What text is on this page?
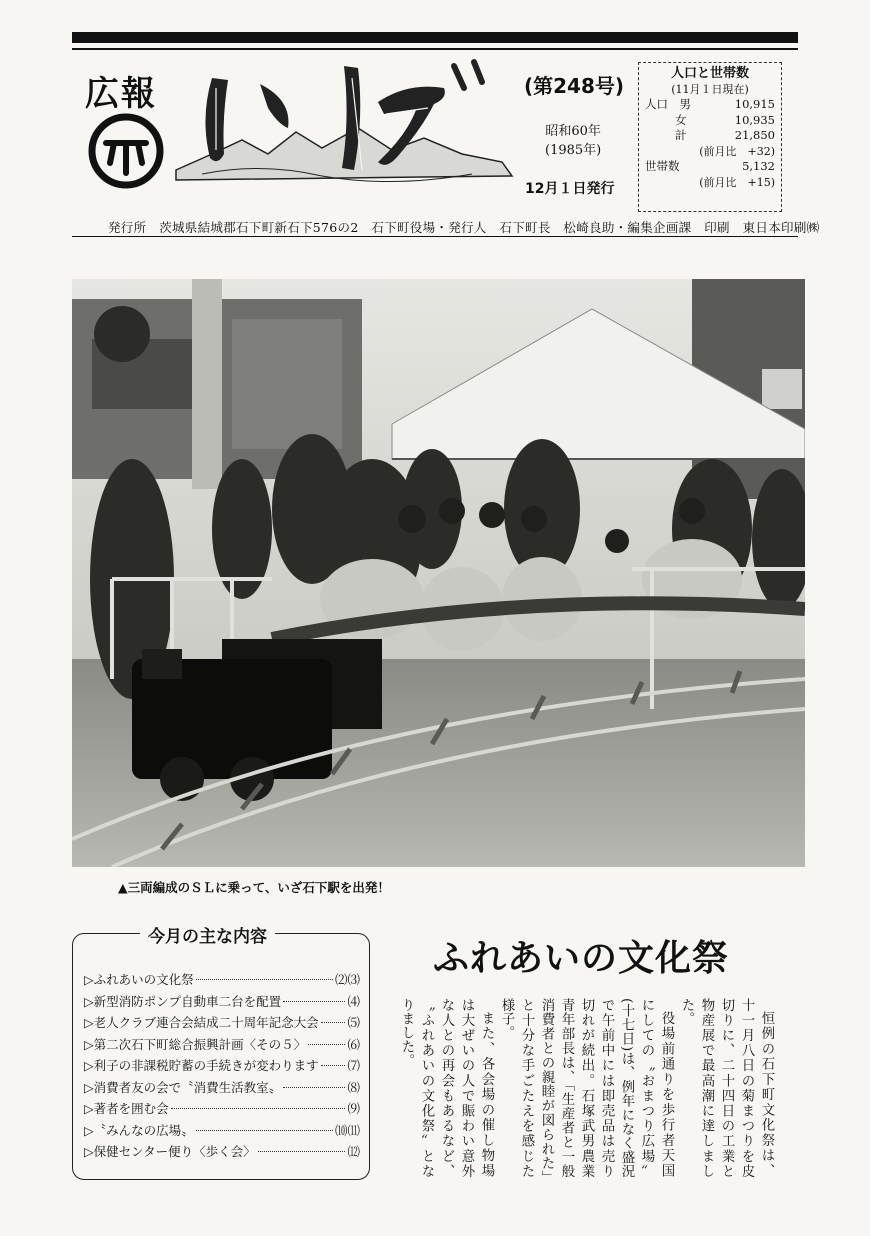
広報	(第248号)
昭和60年
(1985年)
12月１日発行
人口と世帯数
(11月１日現在)
人口　男	10,915
女	10,935
計	21,850
(前月比　+32)
世帯数	5,132
(前月比　+15)
発行所　茨城県結城郡石下町新石下576の2　石下町役場・発行人　石下町長　松崎良助・編集企画課　印刷　東日本印刷㈱
▲三両編成のＳＬに乗って、いざ石下駅を出発！
今月の主な内容
▷ふれあいの文化祭	⑵⑶
▷新型消防ポンプ自動車二台を配置	⑷
▷老人クラブ連合会結成二十周年記念大会 ⑸
▷第二次石下町総合振興計画〈その５〉	⑹
▷利子の非課税貯蓄の手続きが変わります ⑺
▷消費者友の会で〝消費生活教室〟	⑻
▷著者を囲む会	⑼
▷〝みんなの広場〟	⑽⑾
▷保健センター便り〈歩く会〉	⑿
ふれあいの文化祭

恒例の石下町文化祭は、十一月八日の菊まつりを皮切りに、二十四日の工業と物産展で最高潮に達しました。

役場前通りを歩行者天国にしての〝おまつり広場〟(十七日)は、例年になく盛況で午前中には即売品は売り切れが続出。石塚武男農業青年部長は、「生産者と一般消費者との親睦が図られた」と十分な手ごたえを感じた様子。

また、各会場の催し物場は大ぜいの人で賑わい意外な人との再会もあるなど、〝ふれあいの文化祭〟となりました。
